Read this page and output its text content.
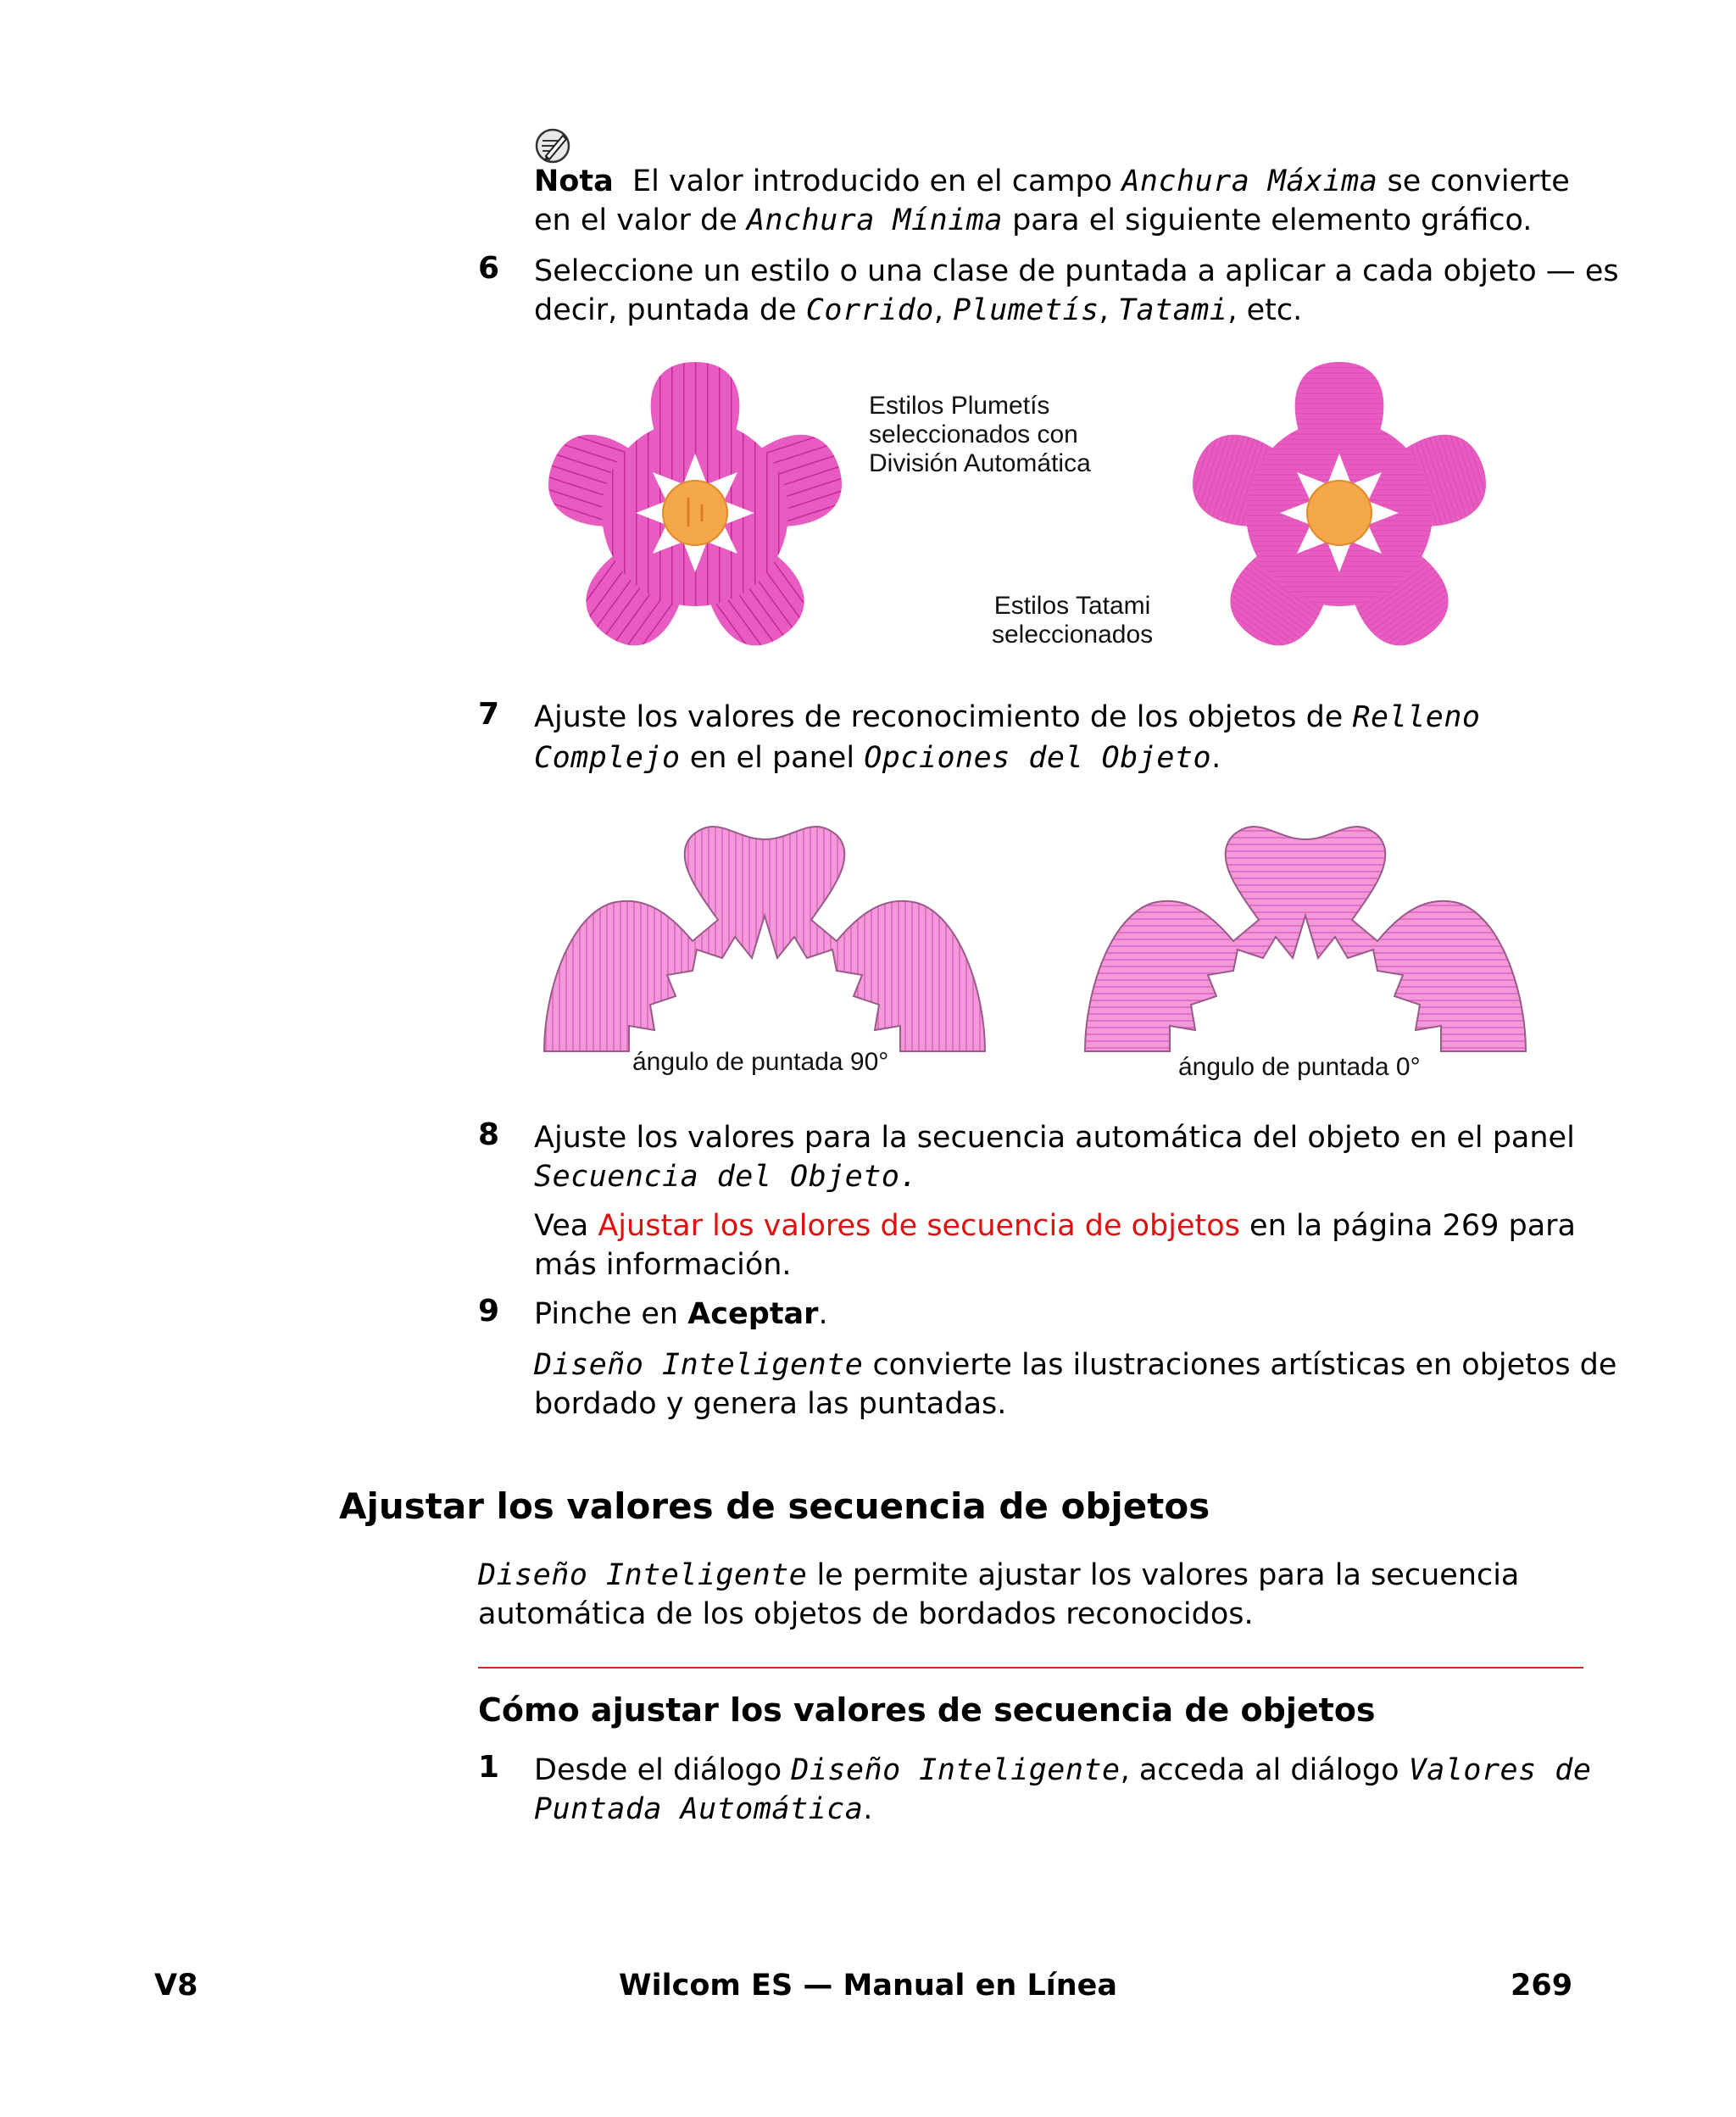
Nota El valor introducido en el campo Anchura Máxima se convierte
en el valor de Anchura Mínima para el siguiente elemento gráfico.
6 Seleccione un estilo o una clase de puntada a aplicar a cada objeto — es
decir, puntada de Corrido, Plumetís, Tatami, etc.
Estilos Plumetís
seleccionados con
División Automática
Estilos Tatami
seleccionados
7 Ajuste los valores de reconocimiento de los objetos de Relleno
Complejo en el panel Opciones del Objeto.
ángulo de puntada 90°	ángulo de puntada 0°
8 Ajuste los valores para la secuencia automática del objeto en el panel
Secuencia del Objeto.
Vea Ajustar los valores de secuencia de objetos en la página 269 para
más información.
9 Pinche en Aceptar.
Diseño Inteligente convierte las ilustraciones artísticas en objetos de
bordado y genera las puntadas.
Ajustar los valores de secuencia de objetos
Diseño Inteligente le permite ajustar los valores para la secuencia
automática de los objetos de bordados reconocidos.
Cómo ajustar los valores de secuencia de objetos
1 Desde el diálogo Diseño Inteligente, acceda al diálogo Valores de
Puntada Automática.
V8	Wilcom ES — Manual en Línea	269
